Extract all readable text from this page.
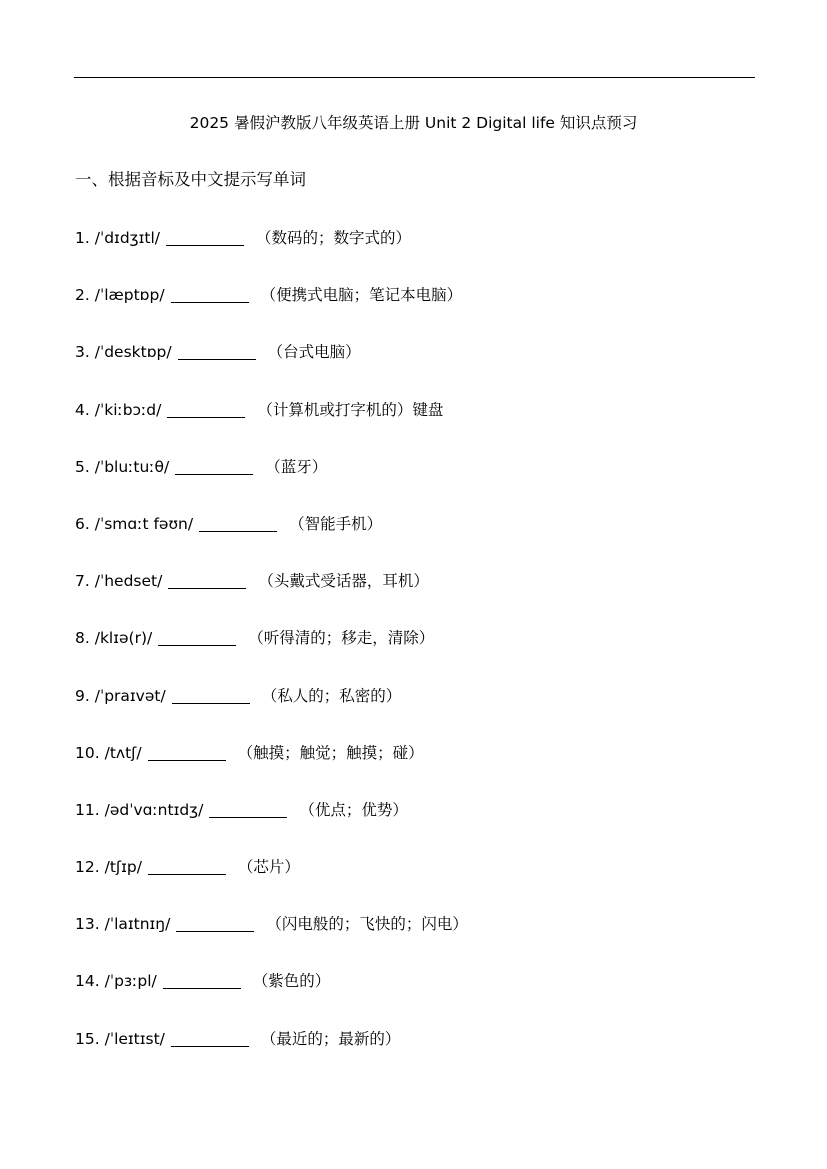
2025 暑假沪教版八年级英语上册 Unit 2 Digital life 知识点预习
一、根据音标及中文提示写单词
1. /ˈdɪdʒɪtl/	（数码的；数字式的）
2. /ˈlæptɒp/	（便携式电脑；笔记本电脑）
3. /ˈdesktɒp/	（台式电脑）
4. /ˈkiːbɔːd/	（计算机或打字机的）键盘
5. /ˈbluːtuːθ/	（蓝牙）
6. /ˈsmɑːt fəʊn/	（智能手机）
7. /ˈhedset/	（头戴式受话器，耳机）
8. /klɪə(r)/	（听得清的；移走，清除）
9. /ˈpraɪvət/	（私人的；私密的）
10. /tʌtʃ/	（触摸；触觉；触摸；碰）
11. /ədˈvɑːntɪdʒ/	（优点；优势）
12. /tʃɪp/	（芯片）
13. /ˈlaɪtnɪŋ/	（闪电般的；飞快的；闪电）
14. /ˈpɜːpl/	（紫色的）
15. /ˈleɪtɪst/	（最近的；最新的）
